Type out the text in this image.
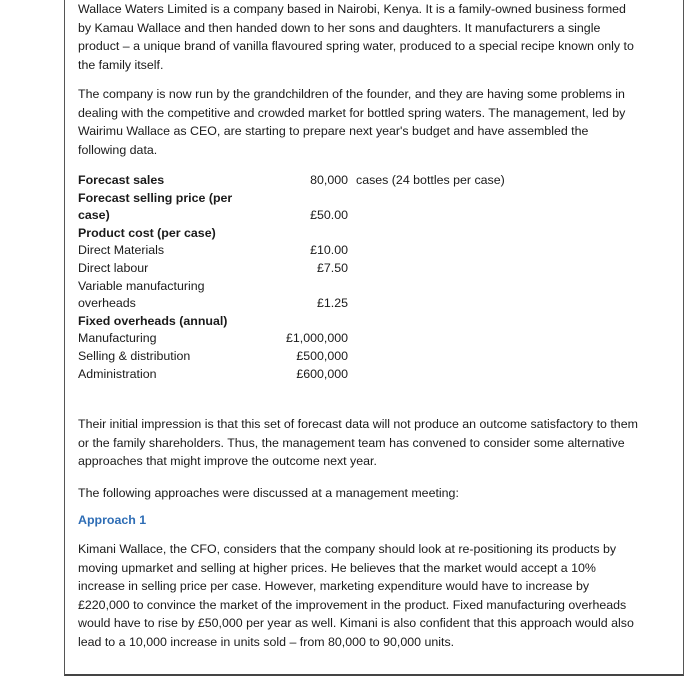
Wallace Waters Limited is a company based in Nairobi, Kenya. It is a family-owned business formed by Kamau Wallace and then handed down to her sons and daughters. It manufacturers a single product – a unique brand of vanilla flavoured spring water, produced to a special recipe known only to the family itself.

The company is now run by the grandchildren of the founder, and they are having some problems in dealing with the competitive and crowded market for bottled spring waters. The management, led by Wairimu Wallace as CEO, are starting to prepare next year's budget and have assembled the following data.

Forecast sales	80,000 cases (24 bottles per case)
Forecast selling price (per
case)	£50.00
Product cost (per case)
Direct Materials	£10.00
Direct labour	£7.50
Variable manufacturing
overheads	£1.25
Fixed overheads (annual)
Manufacturing	£1,000,000
Selling & distribution	£500,000
Administration	£600,000

Their initial impression is that this set of forecast data will not produce an outcome satisfactory to them or the family shareholders. Thus, the management team has convened to consider some alternative approaches that might improve the outcome next year.

The following approaches were discussed at a management meeting:

Approach 1

Kimani Wallace, the CFO, considers that the company should look at re-positioning its products by moving upmarket and selling at higher prices. He believes that the market would accept a 10% increase in selling price per case. However, marketing expenditure would have to increase by £220,000 to convince the market of the improvement in the product. Fixed manufacturing overheads would have to rise by £50,000 per year as well. Kimani is also confident that this approach would also lead to a 10,000 increase in units sold – from 80,000 to 90,000 units.
